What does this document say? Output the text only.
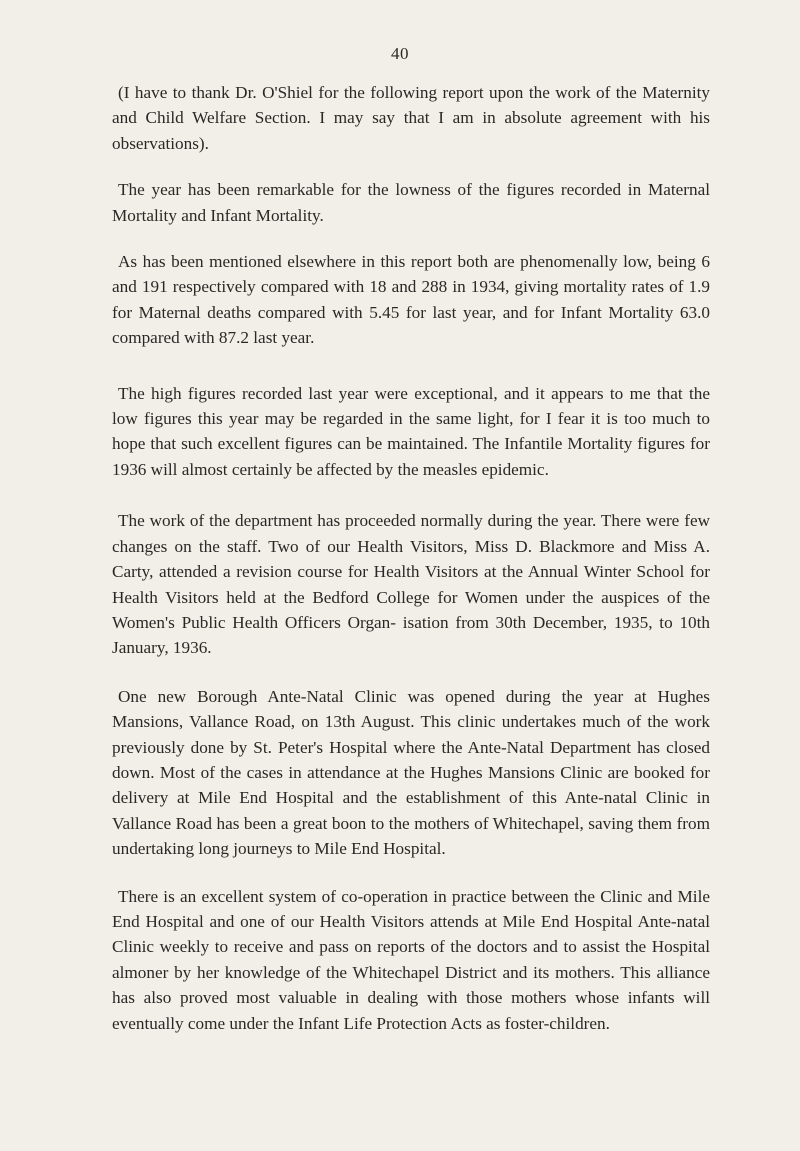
40

(I have to thank Dr. O'Shiel for the following report upon the work of the Maternity and Child Welfare Section. I may say that I am in absolute agreement with his observations).

The year has been remarkable for the lowness of the figures recorded in Maternal Mortality and Infant Mortality.

As has been mentioned elsewhere in this report both are phenomenally low, being 6 and 191 respectively compared with 18 and 288 in 1934, giving mortality rates of 1.9 for Maternal deaths compared with 5.45 for last year, and for Infant Mortality 63.0 compared with 87.2 last year.

The high figures recorded last year were exceptional, and it appears to me that the low figures this year may be regarded in the same light, for I fear it is too much to hope that such excellent figures can be maintained. The Infantile Mortality figures for 1936 will almost certainly be affected by the measles epidemic.

The work of the department has proceeded normally during the year. There were few changes on the staff. Two of our Health Visitors, Miss D. Blackmore and Miss A. Carty, attended a revision course for Health Visitors at the Annual Winter School for Health Visitors held at the Bedford College for Women under the auspices of the Women's Public Health Officers Organ- isation from 30th December, 1935, to 10th January, 1936.

One new Borough Ante-Natal Clinic was opened during the year at Hughes Mansions, Vallance Road, on 13th August. This clinic undertakes much of the work previously done by St. Peter's Hospital where the Ante-Natal Department has closed down. Most of the cases in attendance at the Hughes Mansions Clinic are booked for delivery at Mile End Hospital and the establishment of this Ante-natal Clinic in Vallance Road has been a great boon to the mothers of Whitechapel, saving them from undertaking long journeys to Mile End Hospital.

There is an excellent system of co-operation in practice between the Clinic and Mile End Hospital and one of our Health Visitors attends at Mile End Hospital Ante-natal Clinic weekly to receive and pass on reports of the doctors and to assist the Hospital almoner by her knowledge of the Whitechapel District and its mothers. This alliance has also proved most valuable in dealing with those mothers whose infants will eventually come under the Infant Life Protection Acts as foster-children.
